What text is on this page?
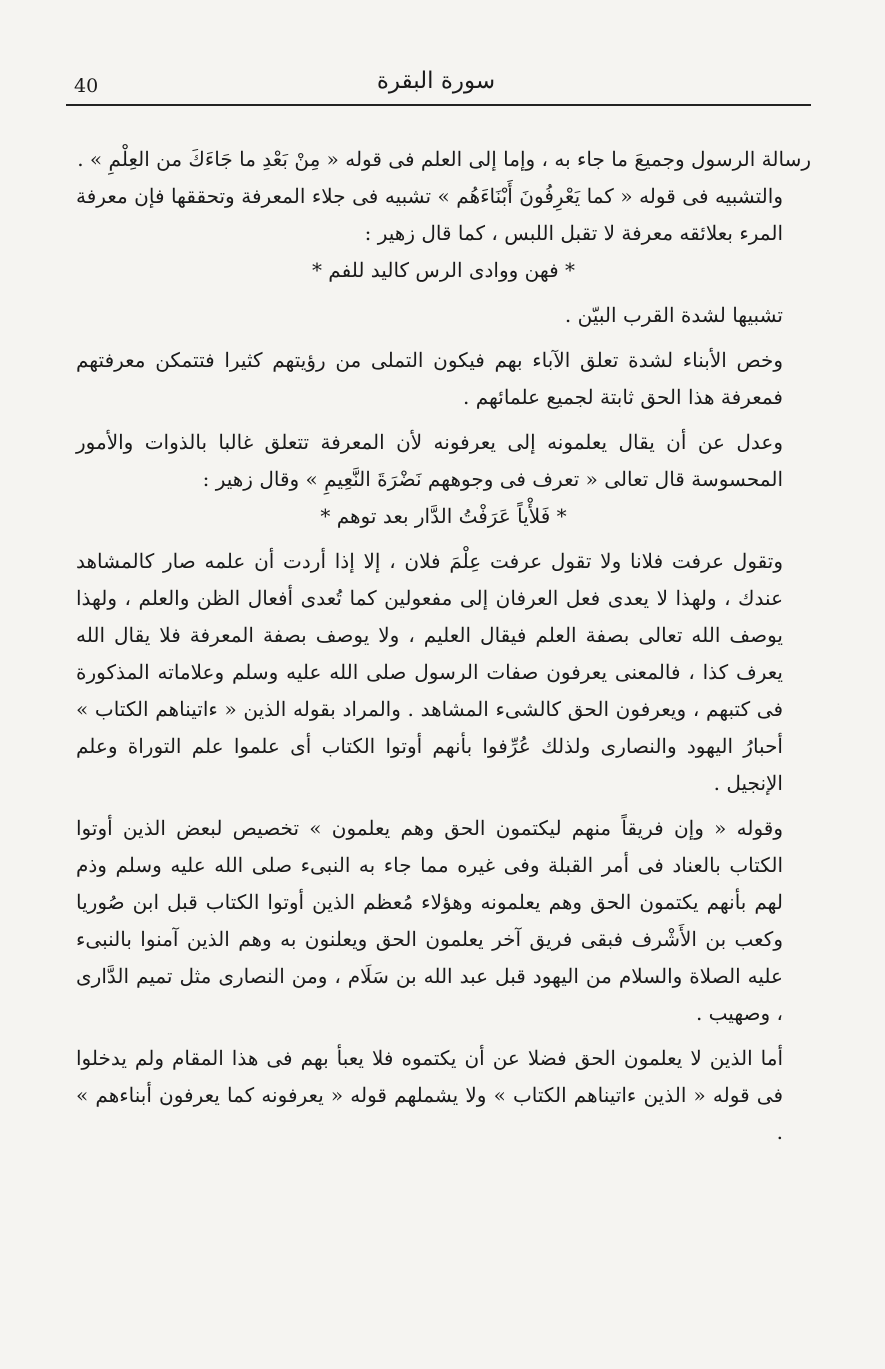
40	سورة البقرة

رسالة الرسول وجميعَ ما جاء به ، وإما إلى العلم فى قوله « مِنْ بَعْدِ ما جَاءَكَ من العِلْمِ » .

والتشبيه فى قوله « كما يَعْرِفُونَ أَبْنَاءَهُم » تشبيه فى جلاء المعرفة وتحققها فإن معرفة المرء بعلائقه معرفة لا تقبل اللبس ، كما قال زهير :

* فهن ووادى الرس كاليد للفم *

تشبيها لشدة القرب البيّن .

وخص الأبناء لشدة تعلق الآباء بهم فيكون التملى من رؤيتهم كثيرا فتتمكن معرفتهم فمعرفة هذا الحق ثابتة لجميع علمائهم .

وعدل عن أن يقال يعلمونه إلى يعرفونه لأن المعرفة تتعلق غالبا بالذوات والأمور المحسوسة قال تعالى « تعرف فى وجوههم نَضْرَةَ النَّعِيمِ » وقال زهير :

* فَلأْياً عَرَفْتُ الدَّار بعد توهم *

وتقول عرفت فلانا ولا تقول عرفت عِلْمَ فلان ، إلا إذا أردت أن علمه صار كالمشاهد عندك ، ولهذا لا يعدى فعل العرفان إلى مفعولين كما تُعدى أفعال الظن والعلم ، ولهذا يوصف الله تعالى بصفة العلم فيقال العليم ، ولا يوصف بصفة المعرفة فلا يقال الله يعرف كذا ، فالمعنى يعرفون صفات الرسول صلى الله عليه وسلم وعلاماته المذكورة فى كتبهم ، ويعرفون الحق كالشىء المشاهد . والمراد بقوله الذين « ءاتيناهم الكتاب » أحبارُ اليهود والنصارى ولذلك عُرِّفوا بأنهم أوتوا الكتاب أى علموا علم التوراة وعلم الإنجيل .

وقوله « وإن فريقاً منهم ليكتمون الحق وهم يعلمون » تخصيص لبعض الذين أوتوا الكتاب بالعناد فى أمر القبلة وفى غيره مما جاء به النبىء صلى الله عليه وسلم وذم لهم بأنهم يكتمون الحق وهم يعلمونه وهؤلاء مُعظم الذين أوتوا الكتاب قبل ابن صُوريا وكعب بن الأَشْرف فبقى فريق آخر يعلمون الحق ويعلنون به وهم الذين آمنوا بالنبىء عليه الصلاة والسلام من اليهود قبل عبد الله بن سَلَام ، ومن النصارى مثل تميم الدَّارى ، وصهيب .

أما الذين لا يعلمون الحق فضلا عن أن يكتموه فلا يعبأ بهم فى هذا المقام ولم يدخلوا فى قوله « الذين ءاتيناهم الكتاب » ولا يشملهم قوله « يعرفونه كما يعرفون أبناءهم » .
